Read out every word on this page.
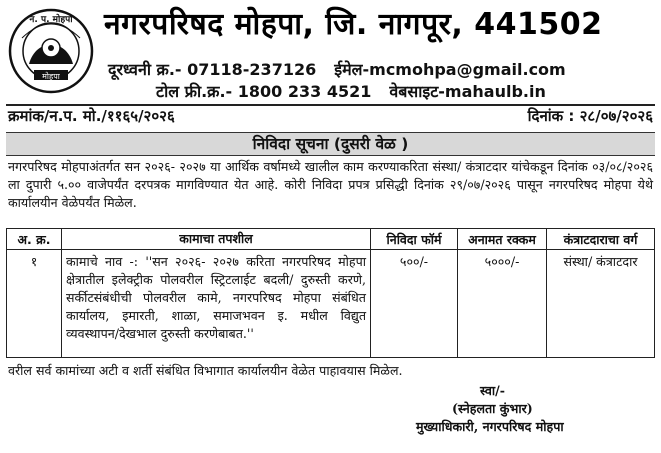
मोहपा
न. प. मोहपा नगरपरिषद मोहपा, जि. नागपूर, 441502
दूरध्वनी क्र.- 07118-237126 ईमेल-mcmohpa@gmail.com
टोल फ्री.क्र.- 1800 233 4521 वेबसाइट-mahaulb.in
क्रमांक/न.प. मो./११६५/२०२६	दिनांक : २८/०७/२०२६
निविदा सूचना (दुसरी वेळ )
नगरपरिषद मोहपाअंतर्गत सन २०२६- २०२७ या आर्थिक वर्षामध्ये खालील काम करण्याकरिता संस्था/ कंत्राटदार यांचेकडून दिनांक ०३/०८/२०२६ ला दुपारी ५.०० वाजेपर्यंत दरपत्रक मागविण्यात येत आहे. कोरी निविदा प्रपत्र प्रसिद्धी दिनांक २९/०७/२०२६ पासून नगरपरिषद मोहपा येथे कार्यालयीन वेळेपर्यंत मिळेल.
अ. क्र.	कामाचा तपशील	निविदा फॉर्म	अनामत रक्कम	कंत्राटदाराचा वर्ग
१	कामाचे नाव -: ''सन २०२६- २०२७ करिता नगरपरिषद मोहपा क्षेत्रातील इलेक्ट्रीक पोलवरील स्ट्रिटलाईट बदली/ दुरुस्ती करणे, सर्कीटसंबंधीची पोलवरील कामे, नगरपरिषद मोहपा संबंधित कार्यालय, इमारती, शाळा, समाजभवन इ. मधील विद्युत व्यवस्थापन/देखभाल दुरुस्ती करणेबाबत.''	५००/-	५०००/-	संस्था/ कंत्राटदार
वरील सर्व कामांच्या अटी व शर्ती संबंधित विभागात कार्यालयीन वेळेत पाहावयास मिळेल.
स्वा/-
(स्नेहलता कुंभार)
मुख्याधिकारी, नगरपरिषद मोहपा
